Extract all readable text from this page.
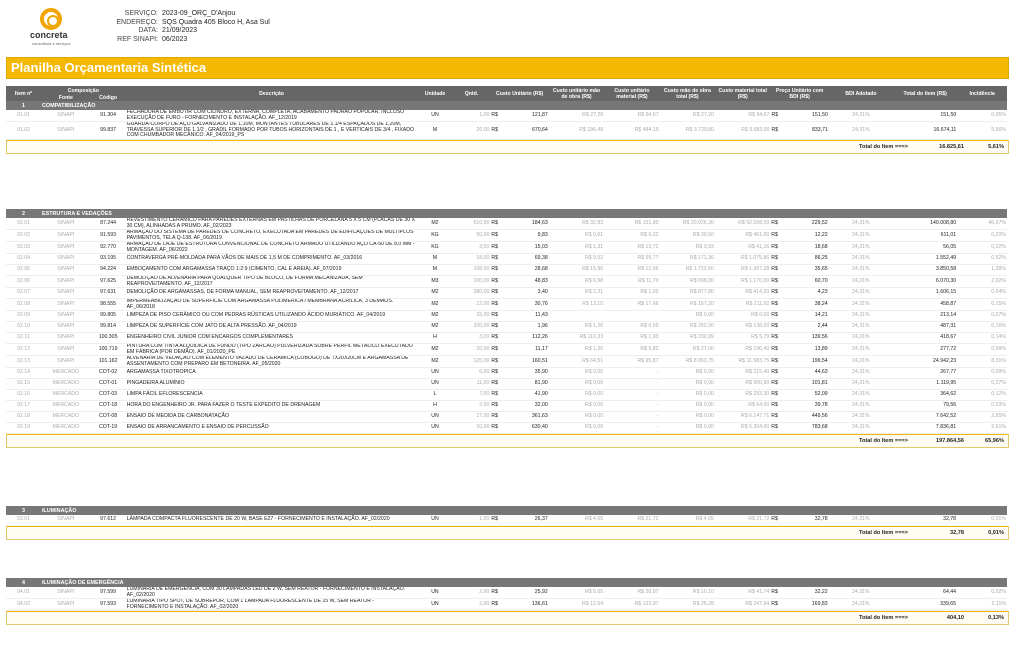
concreta
consultoria e serviços
SERVIÇO: 2023-09_ORÇ_D'Anjou
ENDEREÇO: SQS Quadra 405 Bloco H, Asa Sul
DATA: 21/09/2023
REF SINAPI: 06/2023
Planilha Orçamentaria Sintética
Item nº	Composição		Descrição	Unidade	Qntd.	Custo Unitário (R$)		Custo unitário mão de obra (R$)	Custo unitário material (R$)	Custo mão de obra total (R$)	Custo material total (R$)	Preço Unitário com BDI (R$)		BDI Adotado	Total do item (R$)	Incidência
	Fonte	Código														
1	COMPATIBILIZAÇÃO															
01.01	SINAPI	91.304	FECHADURA DE EMBUTIR COM CILINDRO, EXTERNA, COMPLETA, ACABAMENTO PADRÃO POPULAR, INCLUSO EXECUÇÃO DE FURO - FORNECIMENTO E INSTALAÇÃO. AF_12/2019	UN	1,00	R$	121,87	R$ 27,20	R$ 94,67	R$ 27,20	R$ 94,67	R$	151,50	24,31%	151,50	0,05%
01.02	SINAPI	99.837	GUARDA-CORPO DE AÇO GALVANIZADO DE 1,10M, MONTANTES TUBULARES DE 1.1/4 ESPAÇADOS DE 1,20M, TRAVESSA SUPERIOR DE 1.1/2 , GRADIL FORMADO POR TUBOS HORIZONTAIS DE 1 , E VERTICAIS DE 3/4 , FIXADO COM CHUMBADOR MECÂNICO. AF_04/2019_PS	M	20,00	R$	670,64	R$ 186,49	R$ 484,15	R$ 3.729,80	R$ 9.683,00	R$	833,71	24,31%	16.674,11	5,56%
Total do Item ===>	16.825,61	5,61%
2	ESTRUTURA E VEDAÇÕES															
02.01	SINAPI	87.244	REVESTIMENTO CERÂMICO PARA PAREDES EXTERNAS EM PASTILHAS DE PORCELANA 5 X 5 CM (PLACAS DE 30 X 30 CM), ALINHADAS A PRUMO. AF_02/2023	M2	610,00	R$	184,63	R$ 32,83	R$ 151,80	R$ 20.026,30	R$ 92.598,00	R$	229,52	24,31%	140.008,80	46,67%
02.02	SINAPI	91.593	ARMAÇÃO DO SISTEMA DE PAREDES DE CONCRETO, EXECUTADA EM PAREDES DE EDIFICAÇÕES DE MÚLTIPLOS PAVIMENTOS, TELA Q-138. AF_06/2019	KG	50,00	R$	9,83	R$ 0,61	R$ 9,22	R$ 30,50	R$ 461,00	R$	12,22	24,31%	611,01	0,20%
02.03	SINAPI	92.770	ARMAÇÃO DE LAJE DE ESTRUTURA CONVENCIONAL DE CONCRETO ARMADO UTILIZANDO AÇO CA-50 DE 8,0 MM - MONTAGEM. AF_06/2022	KG	3,00	R$	15,03	R$ 1,31	R$ 13,72	R$ 3,93	R$ 41,16	R$	18,68	24,31%	56,05	0,02%
02.04	SINAPI	93.195	CONTRAVERGA PRÉ-MOLDADA PARA VÃOS DE MAIS DE 1,5 M DE COMPRIMENTO. AF_03/2016	M	18,00	R$	69,38	R$ 9,52	R$ 59,77	R$ 171,36	R$ 1.075,86	R$	86,25	24,31%	1.552,49	0,52%
02.05	SINAPI	94.224	EMBOÇAMENTO COM ARGAMASSA TRAÇO 1:2:9 (CIMENTO, CAL E AREIA). AF_07/2019	M	108,00	R$	28,68	R$ 15,95	R$ 12,66	R$ 1.722,60	R$ 1.367,28	R$	35,65	24,31%	3.850,58	1,28%
02.06	SINAPI	97.625	DEMOLIÇÃO DE ALVENARIA PARA QUALQUER TIPO DE BLOCO, DE FORMA MECANIZADA, SEM REAPROVEITAMENTO. AF_12/2017	M3	100,00	R$	48,83	R$ 6,98	R$ 11,70	R$ 698,00	R$ 1.170,00	R$	60,70	24,31%	6.070,30	2,02%
02.07	SINAPI	97.631	DEMOLIÇÃO DE ARGAMASSAS, DE FORMA MANUAL, SEM REAPROVEITAMENTO. AF_12/2017	M2	380,00	R$	3,40	R$ 2,31	R$ 1,09	R$ 877,80	R$ 414,20	R$	4,23	24,31%	1.606,15	0,54%
02.08	SINAPI	98.555	IMPERMEABILIZAÇÃO DE SUPERFÍCIE COM ARGAMASSA POLIMÉRICA / MEMBRANA ACRÍLICA, 3 DEMÃOS. AF_06/2018	M2	12,00	R$	30,76	R$ 13,10	R$ 17,66	R$ 157,20	R$ 211,92	R$	38,24	24,31%	458,87	0,15%
02.09	SINAPI	99.805	LIMPEZA DE PISO CERÂMICO OU COM PEDRAS RÚSTICAS UTILIZANDO ÁCIDO MURIÁTICO. AF_04/2019	M2	15,00	R$	11,43			R$ 0,00	R$ 0,00	R$	14,21	24,31%	213,14	0,07%
02.10	SINAPI	99.814	LIMPEZA DE SUPERFÍCIE COM JATO DE ALTA PRESSÃO. AF_04/2019	M2	200,00	R$	1,96	R$ 1,26	R$ 0,69	R$ 252,00	R$ 138,00	R$	2,44	24,31%	487,31	0,16%
02.11	SINAPI	100.305	ENGENHEIRO CIVIL JUNIOR COM ENCARGOS COMPLEMENTARES	H	3,00	R$	112,26	R$ 110,33	R$ 1,93	R$ 330,99	R$ 5,79	R$	139,56	24,31%	418,67	0,14%
02.12	SINAPI	100.719	PINTURA COM TINTA ALQUÍDICA DE FUNDO (TIPO ZARCÃO) PULVERIZADA SOBRE PERFIL METÁLICO EXECUTADO EM FÁBRICA (POR DEMÃO). AF_01/2020_PE	M2	20,00	R$	11,17	R$ 1,35	R$ 9,82	R$ 27,00	R$ 196,40	R$	13,89	24,31%	277,72	0,09%
02.13	SINAPI	101.162	ALVENARIA DE VEDAÇÃO COM ELEMENTO VAZADO DE CERÂMICA (COBOGÓ) DE 7X20X20CM E ARGAMASSA DE ASSENTAMENTO COM PREPARO EM BETONEIRA. AF_05/2020	M2	125,00	R$	160,51	R$ 64,51	R$ 95,87	R$ 8.063,75	R$ 11.983,75	R$	199,54	24,31%	24.942,23	8,31%
02.14	MERCADO	COT-02	ARGAMASSA TIXOTROPICA	UN	6,00	R$	35,90	R$ 0,00	-	R$ 0,00	R$ 215,40	R$	44,63	24,31%	267,77	0,09%
02.15	MERCADO	COT-01	PINGADEIRA ALUMÍNIO	UN	11,00	R$	81,90	R$ 0,00	-	R$ 0,00	R$ 900,90	R$	101,81	24,31%	1.119,95	0,37%
02.16	MERCADO	COT-03	LIMPA FÁCIL EFLORESCENCIA	L	7,00	R$	41,90	R$ 0,00	-	R$ 0,00	R$ 293,30	R$	52,09	24,31%	364,62	0,12%
02.17	MERCADO	COT-18	HORA DO ENGENHEIRO JR. PARA FAZER O TESTE EXPEDITO DE DRENAGEM	H	2,00	R$	32,00	R$ 0,00	-	R$ 0,00	R$ 64,00	R$	39,78	24,31%	79,56	0,03%
02.18	MERCADO	COT-08	ENSAIO DE MEDIDA DE CARBONATAÇÃO	UN	17,00	R$	361,63	R$ 0,00	-	R$ 0,00	R$ 6.147,71	R$	449,56	24,31%	7.642,52	2,55%
02.19	MERCADO	COT-19	ENSAIO DE ARRANCAMENTO E ENSAIO DE PERCUSSÃO	UN	10,00	R$	630,40	R$ 0,00	-	R$ 0,00	R$ 6.304,00	R$	783,68	24,31%	7.836,81	2,61%
Total do Item ===>	197.864,56	65,96%
3	ILUMINAÇÃO															
03.01	SINAPI	97.612	LÂMPADA COMPACTA FLUORESCENTE DE 20 W, BASE E27 - FORNECIMENTO E INSTALAÇÃO. AF_02/2020	UN	1,00	R$	26,37	R$ 4,65	R$ 21,72	R$ 4,65	R$ 21,72	R$	32,78	24,31%	32,78	0,01%
Total do Item ===>	32,78	0,01%
4	ILUMINAÇÃO DE EMERGÊNCIA															
04.01	SINAPI	97.599	LUMINÁRIA DE EMERGÊNCIA, COM 30 LÂMPADAS LED DE 2 W, SEM REATOR - FORNECIMENTO E INSTALAÇÃO. AF_02/2020	UN	2,00	R$	25,92	R$ 5,05	R$ 20,87	R$ 10,10	R$ 41,74	R$	32,22	24,31%	64,44	0,02%
04.02	SINAPI	97.593	LUMINÁRIA TIPO SPOT, DE SOBREPOR, COM 1 LÂMPADA FLUORESCENTE DE 15 W, SEM REATOR - FORNECIMENTO E INSTALAÇÃO. AF_02/2020	UN	2,00	R$	136,61	R$ 12,64	R$ 123,97	R$ 25,28	R$ 247,94	R$	169,83	24,31%	339,65	0,11%
Total do Item ===>	404,10	0,13%
